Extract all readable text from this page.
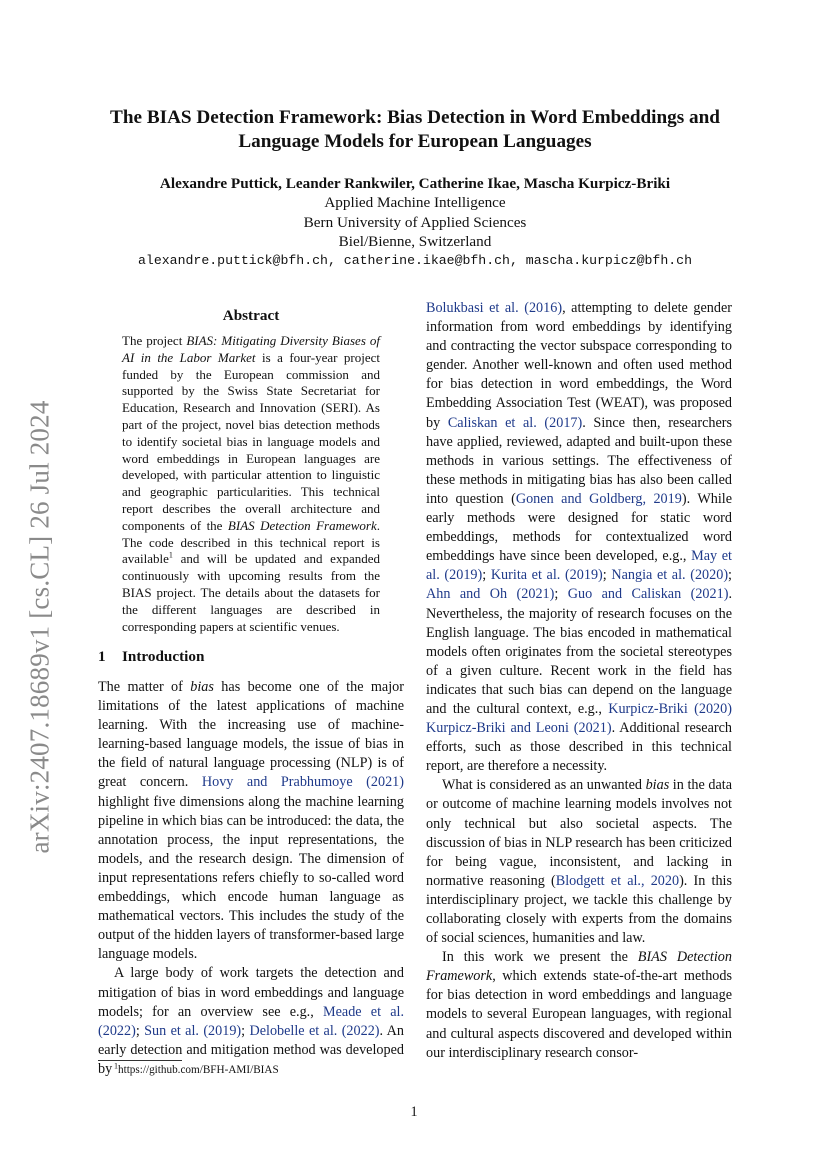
arXiv:2407.18689v1 [cs.CL] 26 Jul 2024
The BIAS Detection Framework: Bias Detection in Word Embeddings and Language Models for European Languages
Alexandre Puttick, Leander Rankwiler, Catherine Ikae, Mascha Kurpicz-Briki
Applied Machine Intelligence
Bern University of Applied Sciences
Biel/Bienne, Switzerland
alexandre.puttick@bfh.ch, catherine.ikae@bfh.ch, mascha.kurpicz@bfh.ch
Abstract

The project BIAS: Mitigating Diversity Biases of AI in the Labor Market is a four-year project funded by the European commission and supported by the Swiss State Secretariat for Education, Research and Innovation (SERI). As part of the project, novel bias detection methods to identify societal bias in language models and word embeddings in European languages are developed, with particular attention to linguistic and geographic particularities. This technical report describes the overall architecture and components of the BIAS Detection Framework. The code described in this technical report is available$^1$ and will be updated and expanded continuously with upcoming results from the BIAS project. The details about the datasets for the different languages are described in corresponding papers at scientific venues.

1 Introduction

The matter of bias has become one of the major limitations of the latest applications of machine learning. With the increasing use of machine-learning-based language models, the issue of bias in the field of natural language processing (NLP) is of great concern. Hovy and Prabhumoye (2021) highlight five dimensions along the machine learning pipeline in which bias can be introduced: the data, the annotation process, the input representations, the models, and the research design. The dimension of input representations refers chiefly to so-called word embeddings, which encode human language as mathematical vectors. This includes the study of the output of the hidden layers of transformer-based large language models.

A large body of work targets the detection and mitigation of bias in word embeddings and language models; for an overview see e.g., Meade et al. (2022); Sun et al. (2019); Delobelle et al. (2022). An early detection and mitigation method was developed by

Bolukbasi et al. (2016), attempting to delete gender information from word embeddings by identifying and contracting the vector subspace corresponding to gender. Another well-known and often used method for bias detection in word embeddings, the Word Embedding Association Test (WEAT), was proposed by Caliskan et al. (2017). Since then, researchers have applied, reviewed, adapted and built-upon these methods in various settings. The effectiveness of these methods in mitigating bias has also been called into question (Gonen and Goldberg, 2019). While early methods were designed for static word embeddings, methods for contextualized word embeddings have since been developed, e.g., May et al. (2019); Kurita et al. (2019); Nangia et al. (2020); Ahn and Oh (2021); Guo and Caliskan (2021). Nevertheless, the majority of research focuses on the English language. The bias encoded in mathematical models often originates from the societal stereotypes of a given culture. Recent work in the field has indicates that such bias can depend on the language and the cultural context, e.g., Kurpicz-Briki (2020) Kurpicz-Briki and Leoni (2021). Additional research efforts, such as those described in this technical report, are therefore a necessity.

What is considered as an unwanted bias in the data or outcome of machine learning models involves not only technical but also societal aspects. The discussion of bias in NLP research has been criticized for being vague, inconsistent, and lacking in normative reasoning (Blodgett et al., 2020). In this interdisciplinary project, we tackle this challenge by collaborating closely with experts from the domains of social sciences, humanities and law.

In this work we present the BIAS Detection Framework, which extends state-of-the-art methods for bias detection in word embeddings and language models to several European languages, with regional and cultural aspects discovered and developed within our interdisciplinary research consor-

$^1$https://github.com/BFH-AMI/BIAS
1
